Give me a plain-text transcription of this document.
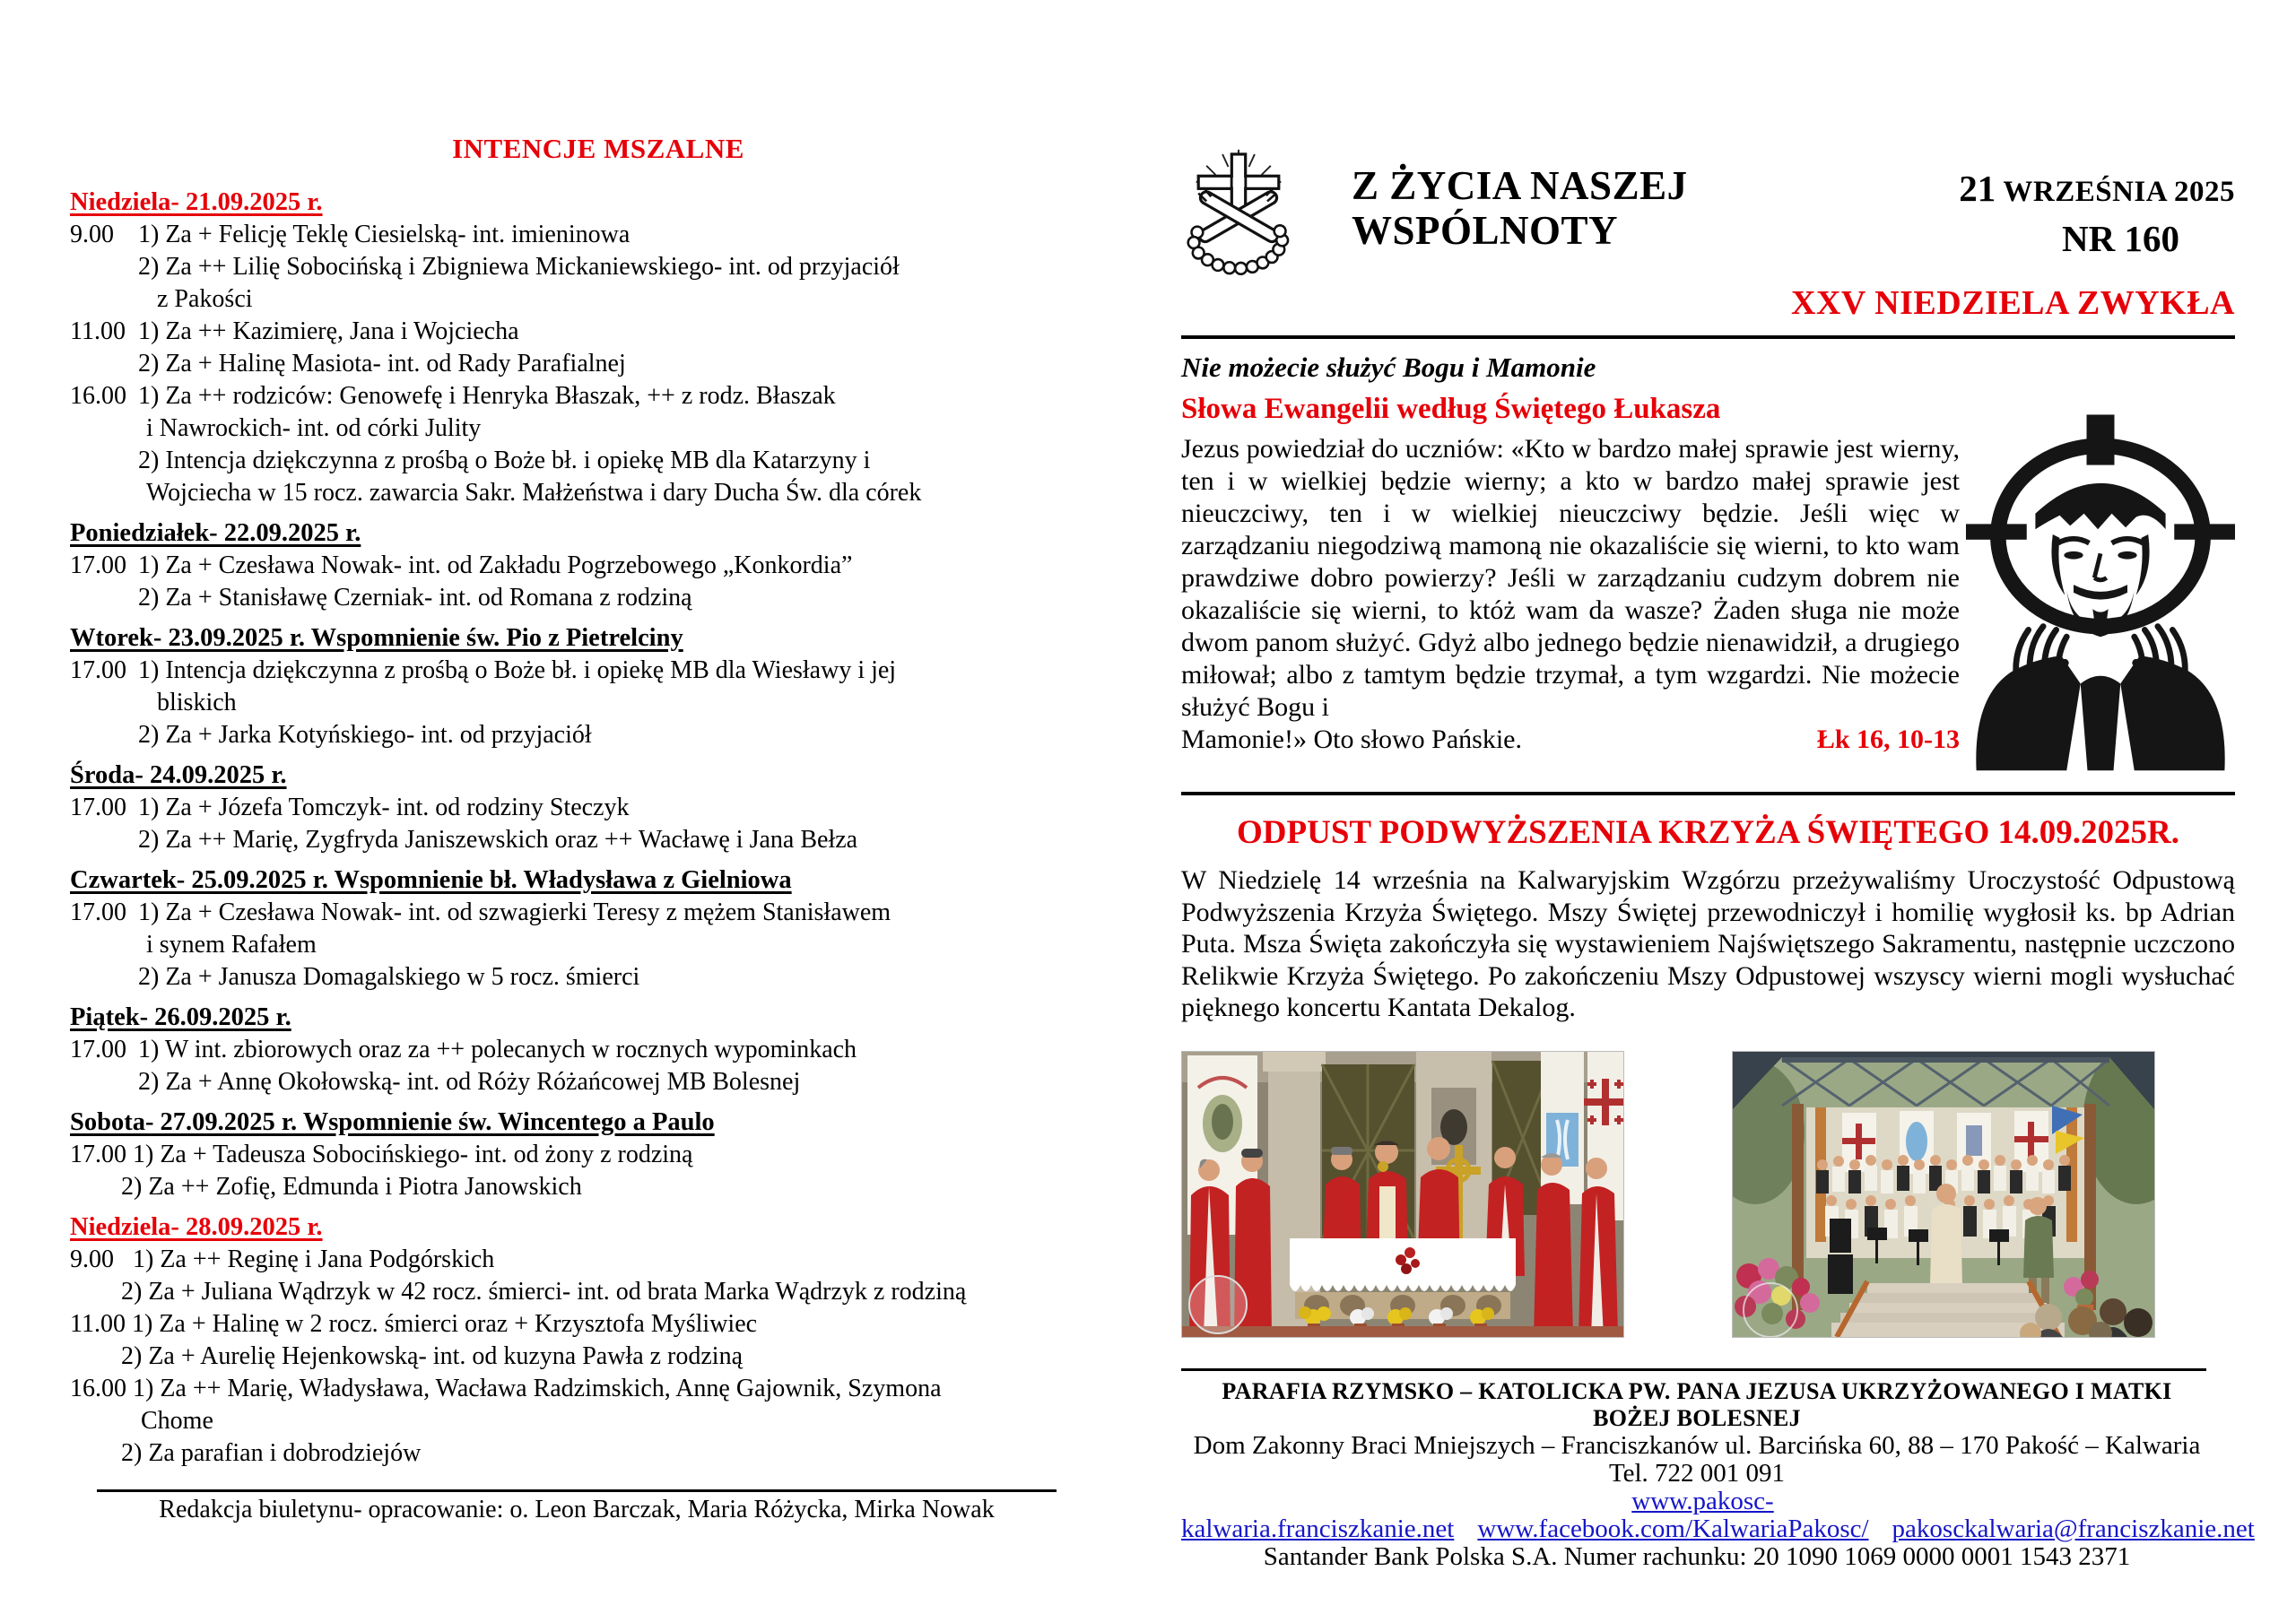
INTENCJE MSZALNE
Niedziela- 21.09.2025 r.
9.00 1) Za + Felicję Teklę Ciesielską- int. imieninowa
2) Za ++ Lilię Sobocińską i Zbigniewa Mickaniewskiego- int. od przyjaciół
z Pakości
11.00 1) Za ++ Kazimierę, Jana i Wojciecha
2) Za + Halinę Masiota- int. od Rady Parafialnej
16.00 1) Za ++ rodziców: Genowefę i Henryka Błaszak, ++ z rodz. Błaszak
i Nawrockich- int. od córki Julity
2) Intencja dziękczynna z prośbą o Boże bł. i opiekę MB dla Katarzyny i
Wojciecha w 15 rocz. zawarcia Sakr. Małżeństwa i dary Ducha Św. dla córek
Poniedziałek- 22.09.2025 r.
17.00 1) Za + Czesława Nowak- int. od Zakładu Pogrzebowego „Konkordia”
2) Za + Stanisławę Czerniak- int. od Romana z rodziną
Wtorek- 23.09.2025 r. Wspomnienie św. Pio z Pietrelciny
17.00 1) Intencja dziękczynna z prośbą o Boże bł. i opiekę MB dla Wiesławy i jej
bliskich
2) Za + Jarka Kotyńskiego- int. od przyjaciół
Środa- 24.09.2025 r.
17.00 1) Za + Józefa Tomczyk- int. od rodziny Steczyk
2) Za ++ Marię, Zygfryda Janiszewskich oraz ++ Wacławę i Jana Bełza
Czwartek- 25.09.2025 r. Wspomnienie bł. Władysława z Gielniowa
17.00 1) Za + Czesława Nowak- int. od szwagierki Teresy z mężem Stanisławem
i synem Rafałem
2) Za + Janusza Domagalskiego w 5 rocz. śmierci
Piątek- 26.09.2025 r.
17.00 1) W int. zbiorowych oraz za ++ polecanych w rocznych wypominkach
2) Za + Annę Okołowską- int. od Róży Różańcowej MB Bolesnej
Sobota- 27.09.2025 r. Wspomnienie św. Wincentego a Paulo
17.00 1) Za + Tadeusza Sobocińskiego- int. od żony z rodziną
2) Za ++ Zofię, Edmunda i Piotra Janowskich
Niedziela- 28.09.2025 r.
9.00   1) Za ++ Reginę i Jana Podgórskich
2) Za + Juliana Wądrzyk w 42 rocz. śmierci- int. od brata Marka Wądrzyk z rodziną
11.00 1) Za + Halinę w 2 rocz. śmierci oraz + Krzysztofa Myśliwiec
2) Za + Aurelię Hejenkowską- int. od kuzyna Pawła z rodziną
16.00 1) Za ++ Marię, Władysława, Wacława Radzimskich, Annę Gajownik, Szymona
Chome
2) Za parafian i dobrodziejów
Redakcja biuletynu- opracowanie: o. Leon Barczak, Maria Różycka, Mirka Nowak
Z ŻYCIA NASZEJ
WSPÓLNOTY
21 WRZEŚNIA 2025
NR 160
XXV NIEDZIELA ZWYKŁA
Nie możecie służyć Bogu i Mamonie
Słowa Ewangelii według Świętego Łukasza
Jezus powiedział do uczniów: «Kto w bardzo małej sprawie jest wierny, ten i w wielkiej będzie wierny; a kto w bardzo małej sprawie jest nieuczciwy, ten i w wielkiej nieuczciwy będzie. Jeśli więc w zarządzaniu niegodziwą mamoną nie okazaliście się wierni, to kto wam prawdziwe dobro powierzy? Jeśli w zarządzaniu cudzym dobrem nie okazaliście się wierni, to któż wam da wasze? Żaden sługa nie może dwom panom służyć. Gdyż albo jednego będzie nienawidził, a drugiego miłował; albo z tamtym będzie trzymał, a tym wzgardzi. Nie możecie służyć Bogu i
Mamonie!» Oto słowo Pańskie.	Łk 16, 10-13
ODPUST PODWYŻSZENIA KRZYŻA ŚWIĘTEGO 14.09.2025R.
W Niedzielę 14 września na Kalwaryjskim Wzgórzu przeżywaliśmy Uroczystość Odpustową Podwyższenia Krzyża Świętego. Mszy Świętej przewodniczył i homilię wygłosił ks. bp Adrian Puta. Msza Święta zakończyła się wystawieniem Najświętszego Sakramentu, następnie uczczono Relikwie Krzyża Świętego. Po zakończeniu Mszy Odpustowej wszyscy wierni mogli wysłuchać pięknego koncertu Kantata Dekalog.
PARAFIA RZYMSKO – KATOLICKA PW. PANA JEZUSA UKRZYŻOWANEGO I MATKI BOŻEJ BOLESNEJ
Dom Zakonny Braci Mniejszych – Franciszkanów ul. Barcińska 60, 88 – 170 Pakość – Kalwaria Tel. 722 001 091
www.pakosc-kalwaria.franciszkanie.net www.facebook.com/KalwariaPakosc/ pakosckalwaria@franciszkanie.net
Santander Bank Polska S.A. Numer rachunku: 20 1090 1069 0000 0001 1543 2371
